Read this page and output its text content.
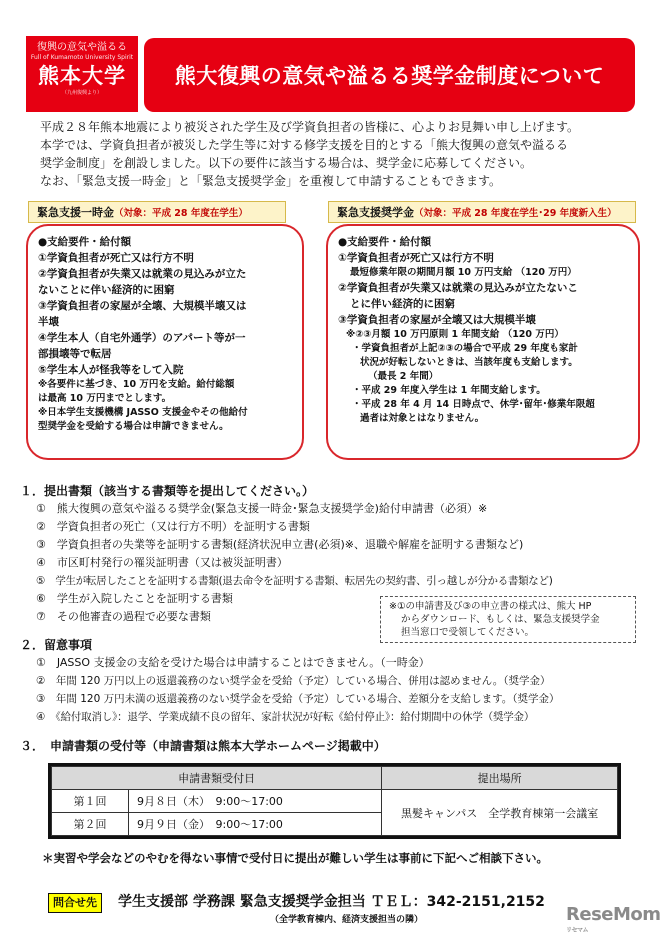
復興の意気や溢るる
Full of Kumamoto University Spirit
熊本大学
（九州復興より）
熊大復興の意気や溢るる奨学金制度について

平成２８年熊本地震により被災された学生及び学資負担者の皆様に、心よりお見舞い申し上げます。

本学では、学資負担者が被災した学生等に対する修学支援を目的とする「熊大復興の意気や溢るる

奨学金制度」を創設しました。以下の要件に該当する場合は、奨学金に応募してください。

なお、「緊急支援一時金」と「緊急支援奨学金」を重複して申請することもできます。

緊急支援一時金（対象：平成 28 年度在学生）
●支給要件・給付額
①学資負担者が死亡又は行方不明
②学資負担者が失業又は就業の見込みが立た
ないことに伴い経済的に困窮
③学資負担者の家屋が全壊、大規模半壊又は
半壊
④学生本人（自宅外通学）のアパート等が一
部損壊等で転居
⑤学生本人が怪我等をして入院
※各要件に基づき、10 万円を支給。給付総額
は最高 10 万円までとします。
※日本学生支援機構 JASSO 支援金やその他給付
型奨学金を受給する場合は申請できません。
緊急支援奨学金（対象：平成 28 年度在学生･29 年度新入生）
●支給要件・給付額
①学資負担者が死亡又は行方不明
最短修業年限の期間月額 10 万円支給 （120 万円）
②学資負担者が失業又は就業の見込みが立たないこ
とに伴い経済的に困窮
③学資負担者の家屋が全壊又は大規模半壊
※②③月額 10 万円原則 1 年間支給 （120 万円）
・学資負担者が上記②③の場合で平成 29 年度も家計
状況が好転しないときは、当該年度も支給します。
（最長 2 年間）
・平成 29 年度入学生は 1 年間支給します。
・平成 28 年 4 月 14 日時点で、休学･留年･修業年限超
過者は対象とはなりません。
１．提出書類（該当する書類等を提出してください。）
①　熊大復興の意気や溢るる奨学金(緊急支援一時金･緊急支援奨学金)給付申請書（必須）※
②　学資負担者の死亡（又は行方不明）を証明する書類
③　学資負担者の失業等を証明する書類(経済状況申立書(必須)※、退職や解雇を証明する書類など)
④　市区町村発行の罹災証明書（又は被災証明書）
⑤　学生が転居したことを証明する書類(退去命令を証明する書類、転居先の契約書、引っ越しが分かる書類など)
⑥　学生が入院したことを証明する書類
⑦　その他審査の過程で必要な書類
※①の申請書及び③の申立書の様式は、熊大 HP
からダウンロード、もしくは、緊急支援奨学金
担当窓口で受領してください。
２．留意事項
①　JASSO 支援金の支給を受けた場合は申請することはできません。（一時金）
②　年間 120 万円以上の返還義務のない奨学金を受給（予定）している場合、併用は認めません。（奨学金）
③　年間 120 万円未満の返還義務のない奨学金を受給（予定）している場合、差額分を支給します。（奨学金）
④　《給付取消し》：退学、学業成績不良の留年、家計状況が好転《給付停止》：給付期間中の休学（奨学金）
３．　申請書類の受付等（申請書類は熊本大学ホームページ掲載中）
申請書類受付日		提出場所
第１回	9月８日（木）　9:00～17:00	黒髪キャンパス　全学教育棟第一会議室
第２回	9月９日（金）　9:00～17:00	
＊実習や学会などのやむを得ない事情で受付日に提出が難しい学生は事前に下記へご相談下さい。
問合せ先	学生支援部 学務課 緊急支援奨学金担当 ＴＥＬ：342-2151,2152
（全学教育棟内、経済支援担当の隣）	ReseMom$^{リセマム}$
